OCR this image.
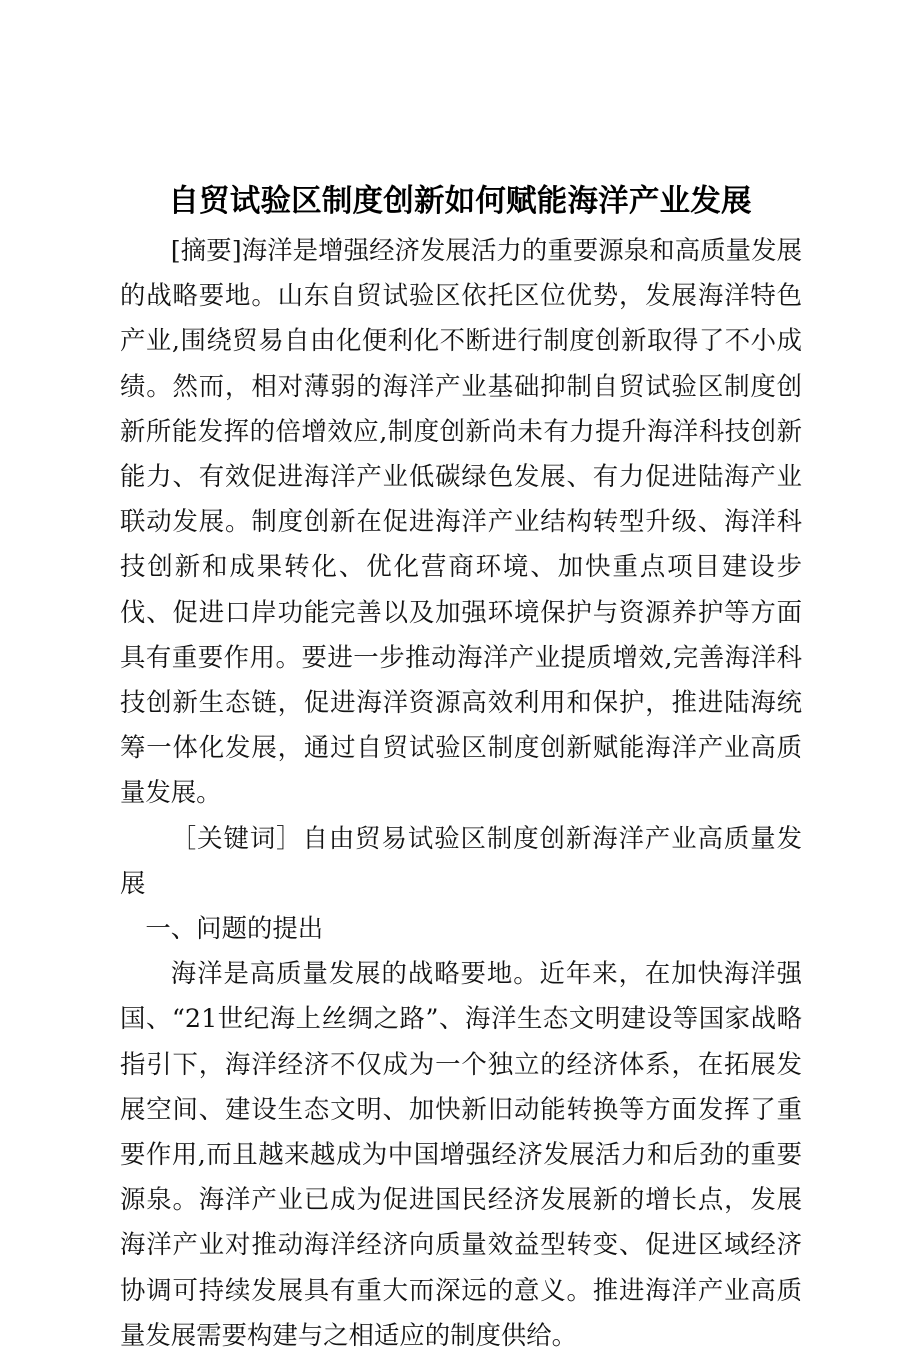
自贸试验区制度创新如何赋能海洋产业发展

[摘要]海洋是增强经济发展活力的重要源泉和高质量发展的战略要地。山东自贸试验区依托区位优势，发展海洋特色产业,围绕贸易自由化便利化不断进行制度创新取得了不小成绩。然而，相对薄弱的海洋产业基础抑制自贸试验区制度创新所能发挥的倍增效应,制度创新尚未有力提升海洋科技创新能力、有效促进海洋产业低碳绿色发展、有力促进陆海产业联动发展。制度创新在促进海洋产业结构转型升级、海洋科技创新和成果转化、优化营商环境、加快重点项目建设步伐、促进口岸功能完善以及加强环境保护与资源养护等方面具有重要作用。要进一步推动海洋产业提质增效,完善海洋科技创新生态链，促进海洋资源高效利用和保护，推进陆海统筹一体化发展，通过自贸试验区制度创新赋能海洋产业高质量发展。

［关键词］自由贸易试验区制度创新海洋产业高质量发展

一、问题的提出

海洋是高质量发展的战略要地。近年来，在加快海洋强国、“21世纪海上丝绸之路”、海洋生态文明建设等国家战略指引下，海洋经济不仅成为一个独立的经济体系，在拓展发展空间、建设生态文明、加快新旧动能转换等方面发挥了重要作用,而且越来越成为中国增强经济发展活力和后劲的重要源泉。海洋产业已成为促进国民经济发展新的增长点，发展海洋产业对推动海洋经济向质量效益型转变、促进区域经济协调可持续发展具有重大而深远的意义。推进海洋产业高质量发展需要构建与之相适应的制度供给。
